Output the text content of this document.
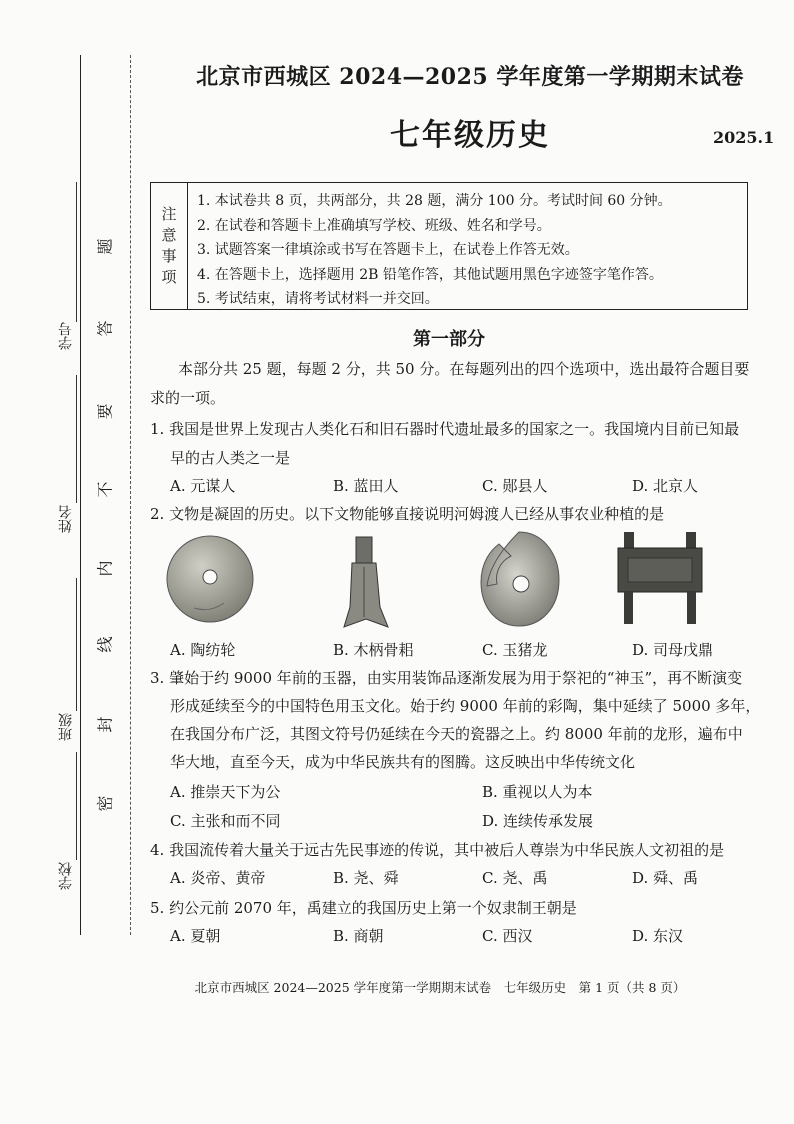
学号
姓名
班级
学校
题
答
要
不
内
线
封
密
北京市西城区 2024—2025 学年度第一学期期末试卷
七年级历史	2025.1
注
意
事
项
1. 本试卷共 8 页，共两部分，共 28 题，满分 100 分。考试时间 60 分钟。
2. 在试卷和答题卡上准确填写学校、班级、姓名和学号。
3. 试题答案一律填涂或书写在答题卡上，在试卷上作答无效。
4. 在答题卡上，选择题用 2B 铅笔作答，其他试题用黑色字迹签字笔作答。
5. 考试结束，请将考试材料一并交回。
第一部分
本部分共 25 题，每题 2 分，共 50 分。在每题列出的四个选项中，选出最符合题目要
求的一项。
1. 我国是世界上发现古人类化石和旧石器时代遗址最多的国家之一。我国境内目前已知最
早的古人类之一是
A. 元谋人	B. 蓝田人	C. 郧县人	D. 北京人
2. 文物是凝固的历史。以下文物能够直接说明河姆渡人已经从事农业种植的是
A. 陶纺轮	B. 木柄骨耜	C. 玉猪龙	D. 司母戊鼎
3. 肇始于约 9000 年前的玉器，由实用装饰品逐渐发展为用于祭祀的“神玉”，再不断演变
形成延续至今的中国特色用玉文化。始于约 9000 年前的彩陶，集中延续了 5000 多年，
在我国分布广泛，其图文符号仍延续在今天的瓷器之上。约 8000 年前的龙形，遍布中
华大地，直至今天，成为中华民族共有的图腾。这反映出中华传统文化
A. 推崇天下为公	B. 重视以人为本
C. 主张和而不同	D. 连续传承发展
4. 我国流传着大量关于远古先民事迹的传说，其中被后人尊崇为中华民族人文初祖的是
A. 炎帝、黄帝	B. 尧、舜	C. 尧、禹	D. 舜、禹
5. 约公元前 2070 年，禹建立的我国历史上第一个奴隶制王朝是
A. 夏朝	B. 商朝	C. 西汉	D. 东汉
北京市西城区 2024—2025 学年度第一学期期末试卷　七年级历史　第 1 页（共 8 页）
